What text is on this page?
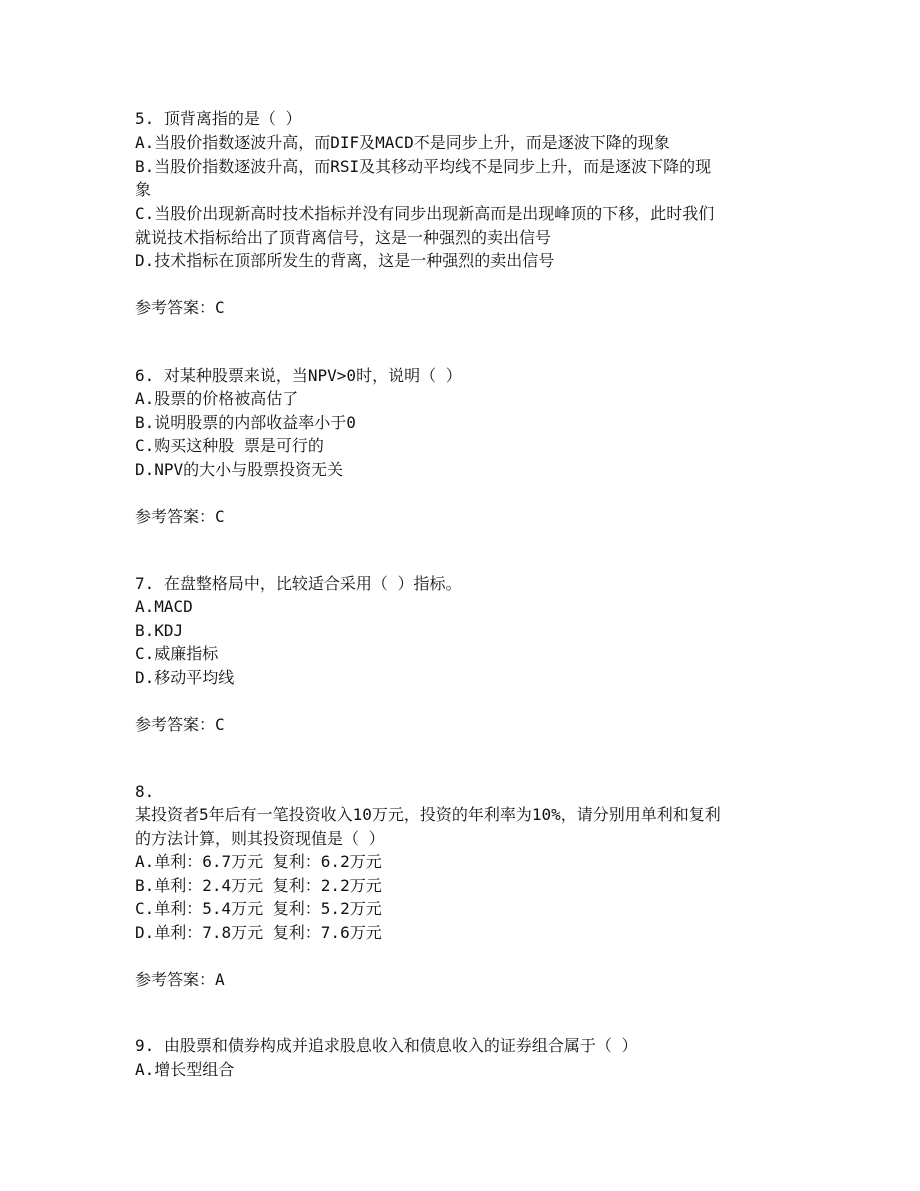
5. 顶背离指的是（ ）
A.当股价指数逐波升高，而DIF及MACD不是同步上升，而是逐波下降的现象
B.当股价指数逐波升高，而RSI及其移动平均线不是同步上升，而是逐波下降的现
象
C.当股价出现新高时技术指标并没有同步出现新高而是出现峰顶的下移，此时我们
就说技术指标给出了顶背离信号，这是一种强烈的卖出信号
D.技术指标在顶部所发生的背离，这是一种强烈的卖出信号
参考答案：C
6. 对某种股票来说，当NPV>0时，说明（ ）
A.股票的价格被高估了
B.说明股票的内部收益率小于0
C.购买这种股 票是可行的
D.NPV的大小与股票投资无关
参考答案：C
7. 在盘整格局中，比较适合采用（ ）指标。
A.MACD
B.KDJ
C.威廉指标
D.移动平均线
参考答案：C
8.
某投资者5年后有一笔投资收入10万元，投资的年利率为10%，请分别用单利和复利
的方法计算，则其投资现值是（ ）
A.单利：6.7万元 复利：6.2万元
B.单利：2.4万元 复利：2.2万元
C.单利：5.4万元 复利：5.2万元
D.单利：7.8万元 复利：7.6万元
参考答案：A
9. 由股票和债券构成并追求股息收入和债息收入的证券组合属于（ ）
A.增长型组合
